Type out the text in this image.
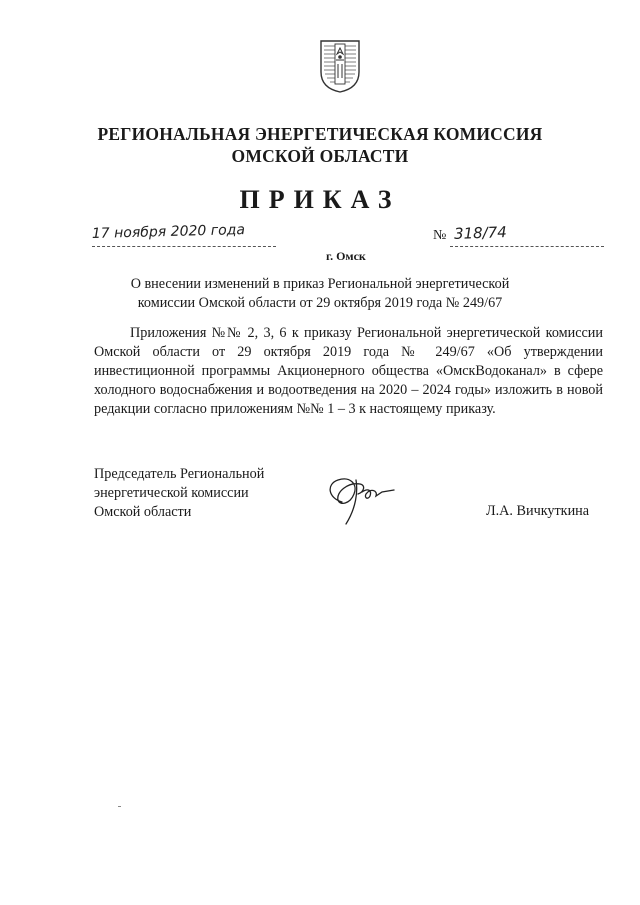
РЕГИОНАЛЬНАЯ ЭНЕРГЕТИЧЕСКАЯ КОМИССИЯ
ОМСКОЙ ОБЛАСТИ
ПРИКАЗ
17 ноября 2020 года
г. Омск
№ 318/74
О внесении изменений в приказ Региональной энергетической
комиссии Омской области от 29 октября 2019 года № 249/67
Приложения №№ 2, 3, 6 к приказу Региональной энергетической комиссии Омской области от 29 октября 2019 года № 249/67 «Об утверждении инвестиционной программы Акционерного общества «ОмскВодоканал» в сфере холодного водоснабжения и водоотведения на 2020 – 2024 годы» изложить в новой редакции согласно приложениям №№ 1 – 3 к настоящему приказу.
Председатель Региональной
энергетической комиссии
Омской области	Л.А. Вичкуткина
